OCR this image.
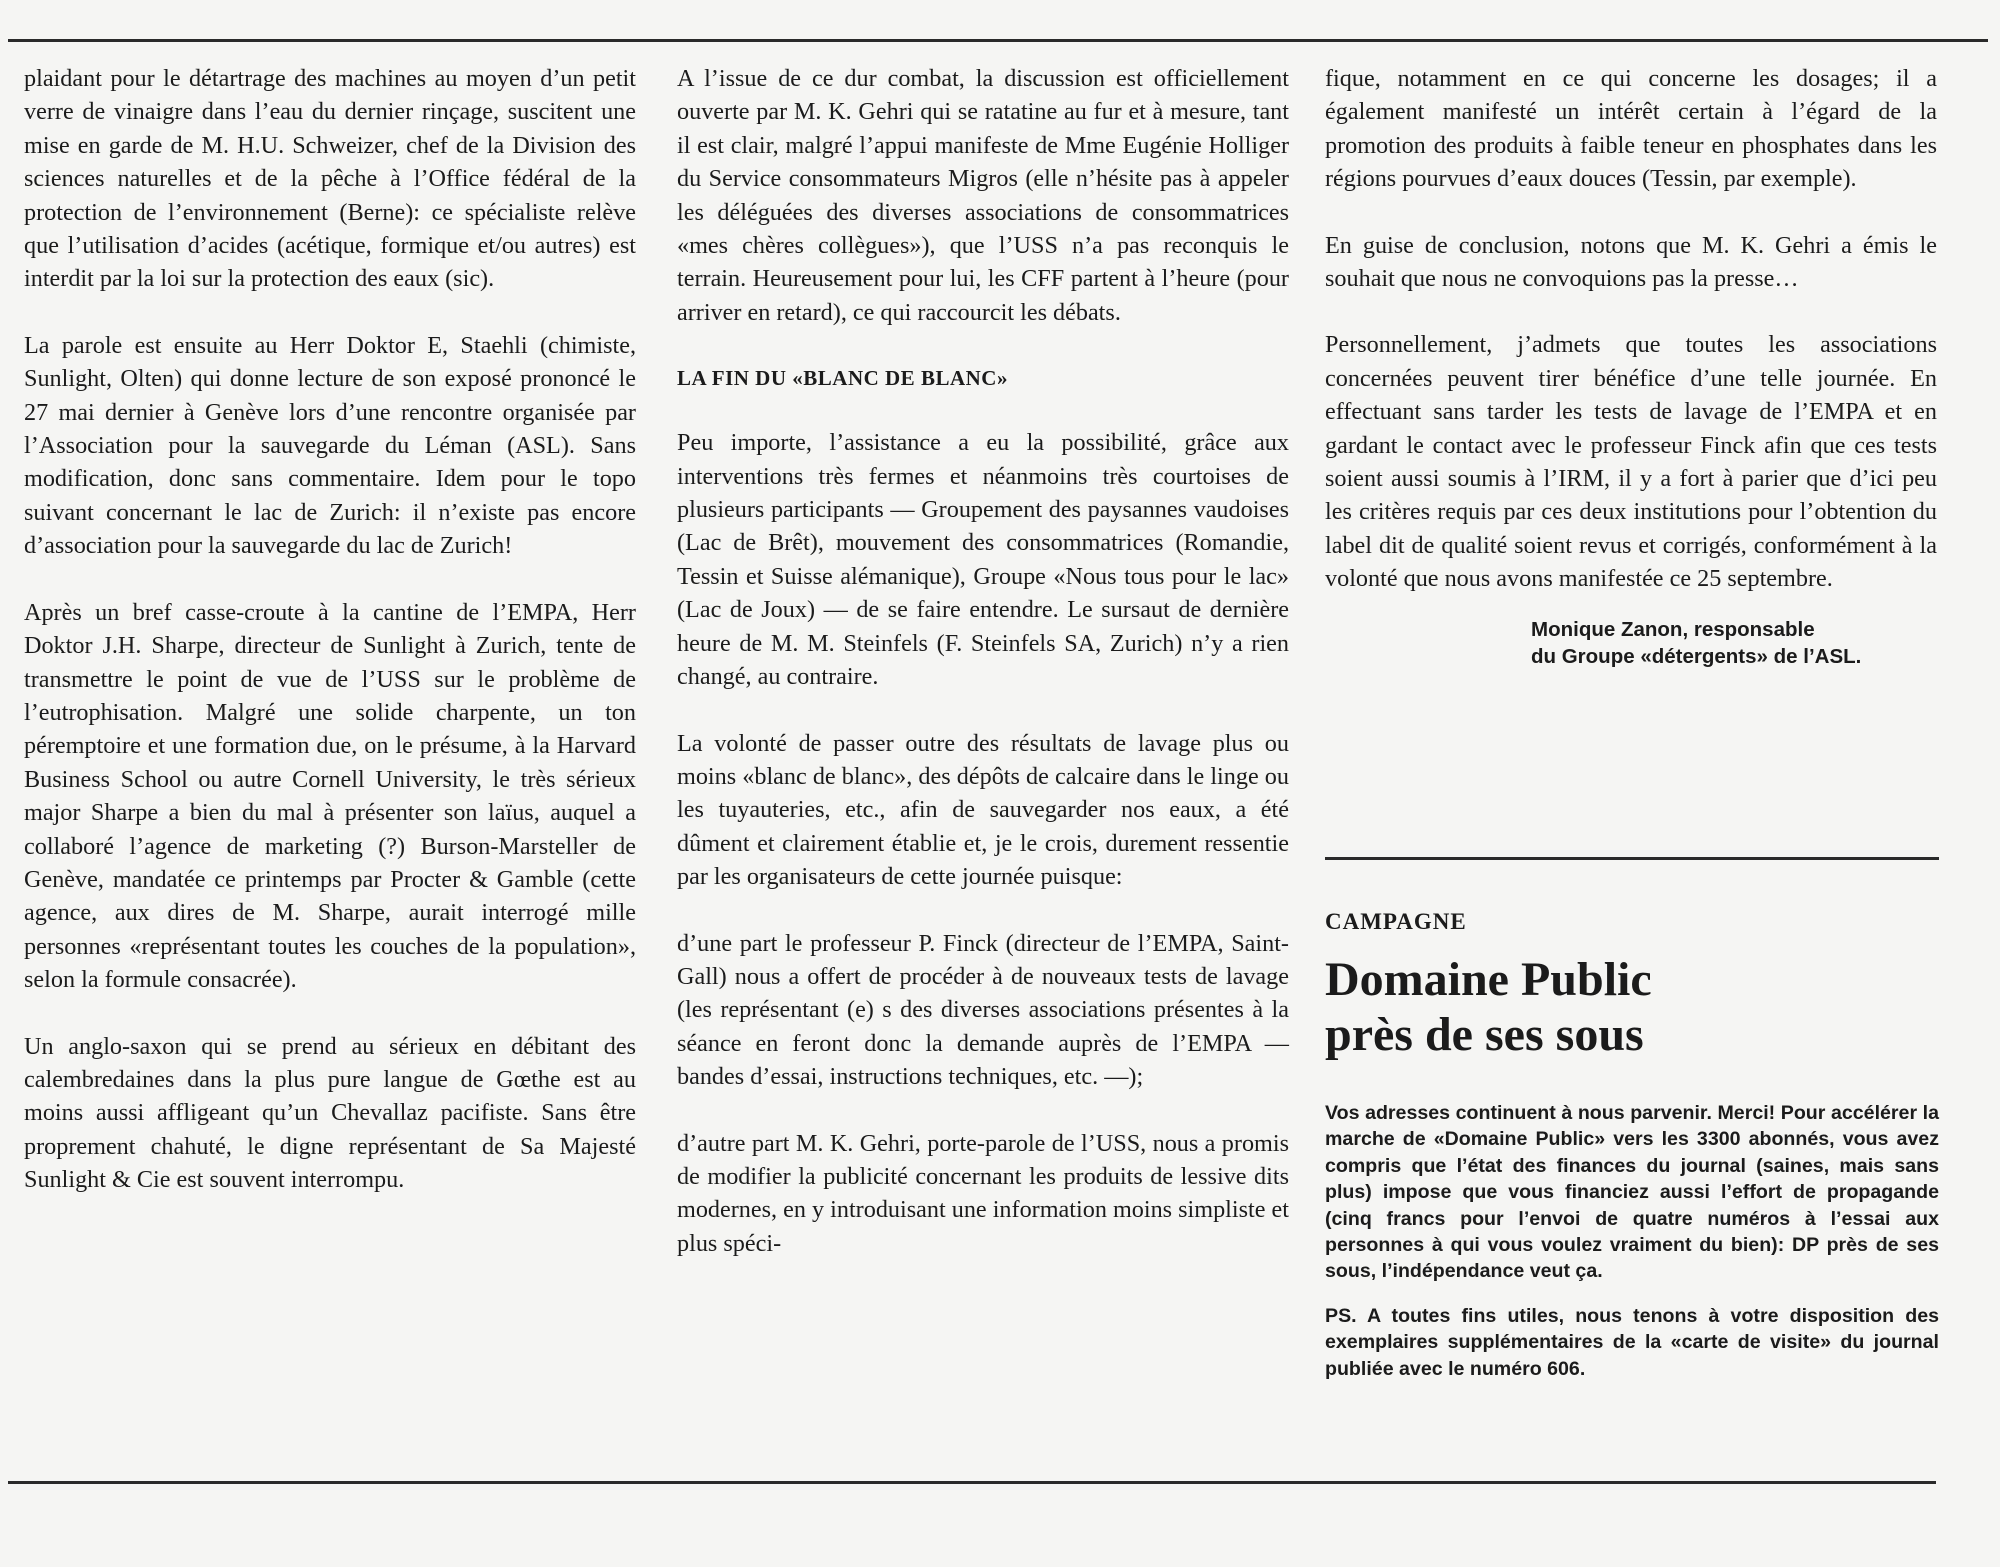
plaidant pour le détartrage des machines au moyen d’un petit verre de vinaigre dans l’eau du dernier rinçage, suscitent une mise en garde de M. H.U. Schweizer, chef de la Division des sciences naturelles et de la pêche à l’Office fédéral de la protection de l’environnement (Berne): ce spécialiste relève que l’utilisation d’acides (acétique, formique et/ou autres) est interdit par la loi sur la protection des eaux (sic).

La parole est ensuite au Herr Doktor E, Staehli (chimiste, Sunlight, Olten) qui donne lecture de son exposé prononcé le 27 mai dernier à Genève lors d’une rencontre organisée par l’Association pour la sauvegarde du Léman (ASL). Sans modification, donc sans commentaire. Idem pour le topo suivant concernant le lac de Zurich: il n’existe pas encore d’association pour la sauvegarde du lac de Zurich!

Après un bref casse-croute à la cantine de l’EMPA, Herr Doktor J.H. Sharpe, directeur de Sunlight à Zurich, tente de transmettre le point de vue de l’USS sur le problème de l’eutrophisation. Malgré une solide charpente, un ton péremptoire et une formation due, on le présume, à la Harvard Business School ou autre Cornell University, le très sérieux major Sharpe a bien du mal à présenter son laïus, auquel a collaboré l’agence de marketing (?) Burson-Marsteller de Genève, mandatée ce printemps par Procter & Gamble (cette agence, aux dires de M. Sharpe, aurait interrogé mille personnes «représentant toutes les couches de la population», selon la formule consacrée).

Un anglo-saxon qui se prend au sérieux en débitant des calembredaines dans la plus pure langue de Gœthe est au moins aussi affligeant qu’un Chevallaz pacifiste. Sans être proprement chahuté, le digne représentant de Sa Majesté Sunlight & Cie est souvent interrompu.

A l’issue de ce dur combat, la discussion est officiellement ouverte par M. K. Gehri qui se ratatine au fur et à mesure, tant il est clair, malgré l’appui manifeste de Mme Eugénie Holliger du Service consommateurs Migros (elle n’hésite pas à appeler les déléguées des diverses associations de consommatrices «mes chères collègues»), que l’USS n’a pas reconquis le terrain. Heureusement pour lui, les CFF partent à l’heure (pour arriver en retard), ce qui raccourcit les débats.

LA FIN DU «BLANC DE BLANC»

Peu importe, l’assistance a eu la possibilité, grâce aux interventions très fermes et néanmoins très courtoises de plusieurs participants — Groupement des paysannes vaudoises (Lac de Brêt), mouvement des consommatrices (Romandie, Tessin et Suisse alémanique), Groupe «Nous tous pour le lac» (Lac de Joux) — de se faire entendre. Le sursaut de dernière heure de M. M. Steinfels (F. Steinfels SA, Zurich) n’y a rien changé, au contraire.

La volonté de passer outre des résultats de lavage plus ou moins «blanc de blanc», des dépôts de calcaire dans le linge ou les tuyauteries, etc., afin de sauvegarder nos eaux, a été dûment et clairement établie et, je le crois, durement ressentie par les organisateurs de cette journée puisque:

d’une part le professeur P. Finck (directeur de l’EMPA, Saint-Gall) nous a offert de procéder à de nouveaux tests de lavage (les représentant (e) s des diverses associations présentes à la séance en feront donc la demande auprès de l’EMPA — bandes d’essai, instructions techniques, etc. —);

d’autre part M. K. Gehri, porte-parole de l’USS, nous a promis de modifier la publicité concernant les produits de lessive dits modernes, en y introduisant une information moins simpliste et plus spéci-

fique, notamment en ce qui concerne les dosages; il a également manifesté un intérêt certain à l’égard de la promotion des produits à faible teneur en phosphates dans les régions pourvues d’eaux douces (Tessin, par exemple).

En guise de conclusion, notons que M. K. Gehri a émis le souhait que nous ne convoquions pas la presse…

Personnellement, j’admets que toutes les associations concernées peuvent tirer bénéfice d’une telle journée. En effectuant sans tarder les tests de lavage de l’EMPA et en gardant le contact avec le professeur Finck afin que ces tests soient aussi soumis à l’IRM, il y a fort à parier que d’ici peu les critères requis par ces deux institutions pour l’obtention du label dit de qualité soient revus et corrigés, conformément à la volonté que nous avons manifestée ce 25 septembre.

Monique Zanon, responsable
du Groupe «détergents» de l’ASL.
CAMPAGNE
Domaine Public
près de ses sous

Vos adresses continuent à nous parvenir. Merci! Pour accélérer la marche de «Domaine Public» vers les 3300 abonnés, vous avez compris que l’état des finances du journal (saines, mais sans plus) impose que vous financiez aussi l’effort de propagande (cinq francs pour l’envoi de quatre numéros à l’essai aux personnes à qui vous voulez vraiment du bien): DP près de ses sous, l’indépendance veut ça.

PS. A toutes fins utiles, nous tenons à votre disposition des exemplaires supplémentaires de la «carte de visite» du journal publiée avec le numéro 606.
